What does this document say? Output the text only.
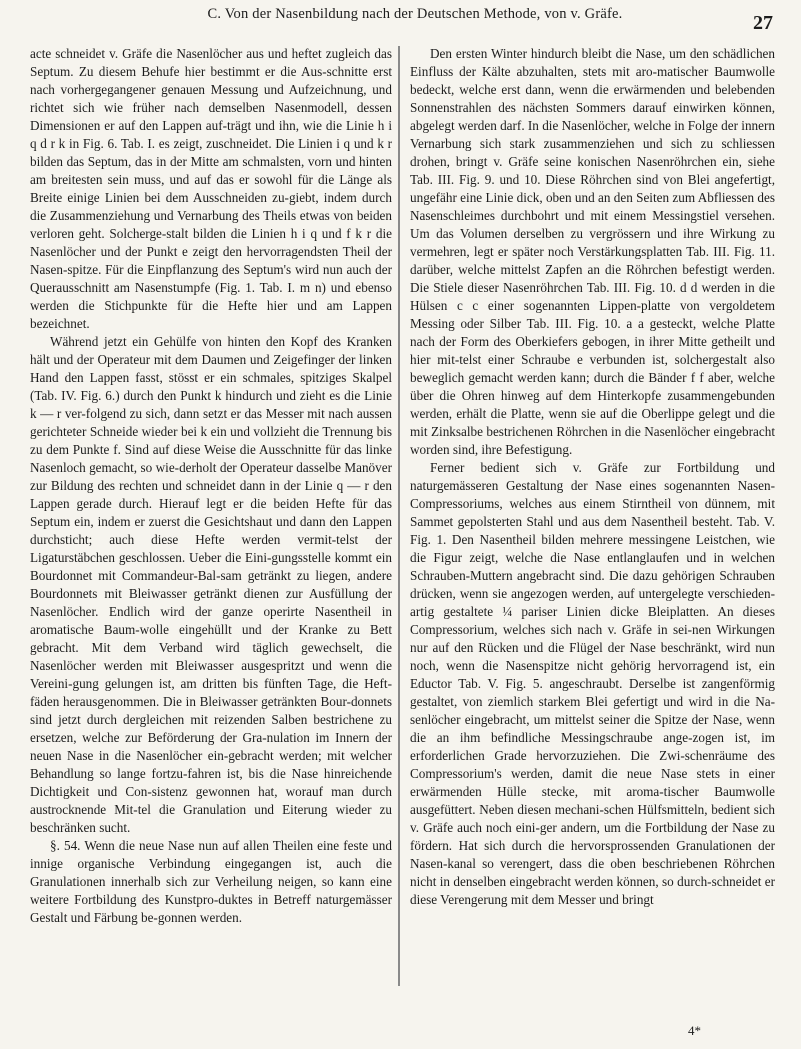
C. Von der Nasenbildung nach der Deutschen Methode, von v. Gräfe.	27

acte schneidet v. Gräfe die Nasenlöcher aus und heftet zugleich das Septum. Zu diesem Behufe hier bestimmt er die Aus-schnitte erst nach vorhergegangener genauen Messung und Aufzeichnung, und richtet sich wie früher nach demselben Nasenmodell, dessen Dimensionen er auf den Lappen auf-trägt und ihn, wie die Linie h i q d r k in Fig. 6. Tab. I. es zeigt, zuschneidet. Die Linien i q und k r bilden das Septum, das in der Mitte am schmalsten, vorn und hinten am breitesten sein muss, und auf das er sowohl für die Länge als Breite einige Linien bei dem Ausschneiden zu-giebt, indem durch die Zusammenziehung und Vernarbung des Theils etwas von beiden verloren geht. Solcherge-stalt bilden die Linien h i q und f k r die Nasenlöcher und der Punkt e zeigt den hervorragendsten Theil der Nasen-spitze. Für die Einpflanzung des Septum's wird nun auch der Querausschnitt am Nasenstumpfe (Fig. 1. Tab. I. m n) und ebenso werden die Stichpunkte für die Hefte hier und am Lappen bezeichnet.

Während jetzt ein Gehülfe von hinten den Kopf des Kranken hält und der Operateur mit dem Daumen und Zeigefinger der linken Hand den Lappen fasst, stösst er ein schmales, spitziges Skalpel (Tab. IV. Fig. 6.) durch den Punkt k hindurch und zieht es die Linie k — r ver-folgend zu sich, dann setzt er das Messer mit nach aussen gerichteter Schneide wieder bei k ein und vollzieht die Trennung bis zu dem Punkte f. Sind auf diese Weise die Ausschnitte für das linke Nasenloch gemacht, so wie-derholt der Operateur dasselbe Manöver zur Bildung des rechten und schneidet dann in der Linie q — r den Lappen gerade durch. Hierauf legt er die beiden Hefte für das Septum ein, indem er zuerst die Gesichtshaut und dann den Lappen durchsticht; auch diese Hefte werden vermit-telst der Ligaturstäbchen geschlossen. Ueber die Eini-gungsstelle kommt ein Bourdonnet mit Commandeur-Bal-sam getränkt zu liegen, andere Bourdonnets mit Bleiwasser getränkt dienen zur Ausfüllung der Nasenlöcher. Endlich wird der ganze operirte Nasentheil in aromatische Baum-wolle eingehüllt und der Kranke zu Bett gebracht. Mit dem Verband wird täglich gewechselt, die Nasenlöcher werden mit Bleiwasser ausgespritzt und wenn die Vereini-gung gelungen ist, am dritten bis fünften Tage, die Heft-fäden herausgenommen. Die in Bleiwasser getränkten Bour-donnets sind jetzt durch dergleichen mit reizenden Salben bestrichene zu ersetzen, welche zur Beförderung der Gra-nulation im Innern der neuen Nase in die Nasenlöcher ein-gebracht werden; mit welcher Behandlung so lange fortzu-fahren ist, bis die Nase hinreichende Dichtigkeit und Con-sistenz gewonnen hat, worauf man durch austrocknende Mit-tel die Granulation und Eiterung wieder zu beschränken sucht.

§. 54. Wenn die neue Nase nun auf allen Theilen eine feste und innige organische Verbindung eingegangen ist, auch die Granulationen innerhalb sich zur Verheilung neigen, so kann eine weitere Fortbildung des Kunstpro-duktes in Betreff naturgemässer Gestalt und Färbung be-gonnen werden.

Den ersten Winter hindurch bleibt die Nase, um den schädlichen Einfluss der Kälte abzuhalten, stets mit aro-matischer Baumwolle bedeckt, welche erst dann, wenn die erwärmenden und belebenden Sonnenstrahlen des nächsten Sommers darauf einwirken können, abgelegt werden darf. In die Nasenlöcher, welche in Folge der innern Vernarbung sich stark zusammenziehen und sich zu schliessen drohen, bringt v. Gräfe seine konischen Nasenröhrchen ein, siehe Tab. III. Fig. 9. und 10. Diese Röhrchen sind von Blei angefertigt, ungefähr eine Linie dick, oben und an den Seiten zum Abfliessen des Nasenschleimes durchbohrt und mit einem Messingstiel versehen. Um das Volumen derselben zu vergrössern und ihre Wirkung zu vermehren, legt er später noch Verstärkungsplatten Tab. III. Fig. 11. darüber, welche mittelst Zapfen an die Röhrchen befestigt werden. Die Stiele dieser Nasenröhrchen Tab. III. Fig. 10. d d werden in die Hülsen c c einer sogenannten Lippen-platte von vergoldetem Messing oder Silber Tab. III. Fig. 10. a a gesteckt, welche Platte nach der Form des Oberkiefers gebogen, in ihrer Mitte getheilt und hier mit-telst einer Schraube e verbunden ist, solchergestalt also beweglich gemacht werden kann; durch die Bänder f f aber, welche über die Ohren hinweg auf dem Hinterkopfe zusammengebunden werden, erhält die Platte, wenn sie auf die Oberlippe gelegt und die mit Zinksalbe bestrichenen Röhrchen in die Nasenlöcher eingebracht worden sind, ihre Befestigung.

Ferner bedient sich v. Gräfe zur Fortbildung und naturgemässeren Gestaltung der Nase eines sogenannten Nasen-Compressoriums, welches aus einem Stirntheil von dünnem, mit Sammet gepolsterten Stahl und aus dem Nasentheil besteht. Tab. V. Fig. 1. Den Nasentheil bilden mehrere messingene Leistchen, wie die Figur zeigt, welche die Nase entlanglaufen und in welchen Schrauben-Muttern angebracht sind. Die dazu gehörigen Schrauben drücken, wenn sie angezogen werden, auf untergelegte verschieden-artig gestaltete ¼ pariser Linien dicke Bleiplatten. An dieses Compressorium, welches sich nach v. Gräfe in sei-nen Wirkungen nur auf den Rücken und die Flügel der Nase beschränkt, wird nun noch, wenn die Nasenspitze nicht gehörig hervorragend ist, ein Eductor Tab. V. Fig. 5. angeschraubt. Derselbe ist zangenförmig gestaltet, von ziemlich starkem Blei gefertigt und wird in die Na-senlöcher eingebracht, um mittelst seiner die Spitze der Nase, wenn die an ihm befindliche Messingschraube ange-zogen ist, im erforderlichen Grade hervorzuziehen. Die Zwi-schenräume des Compressorium's werden, damit die neue Nase stets in einer erwärmenden Hülle stecke, mit aroma-tischer Baumwolle ausgefüttert. Neben diesen mechani-schen Hülfsmitteln, bedient sich v. Gräfe auch noch eini-ger andern, um die Fortbildung der Nase zu fördern. Hat sich durch die hervorsprossenden Granulationen der Nasen-kanal so verengert, dass die oben beschriebenen Röhrchen nicht in denselben eingebracht werden können, so durch-schneidet er diese Verengerung mit dem Messer und bringt

4*
